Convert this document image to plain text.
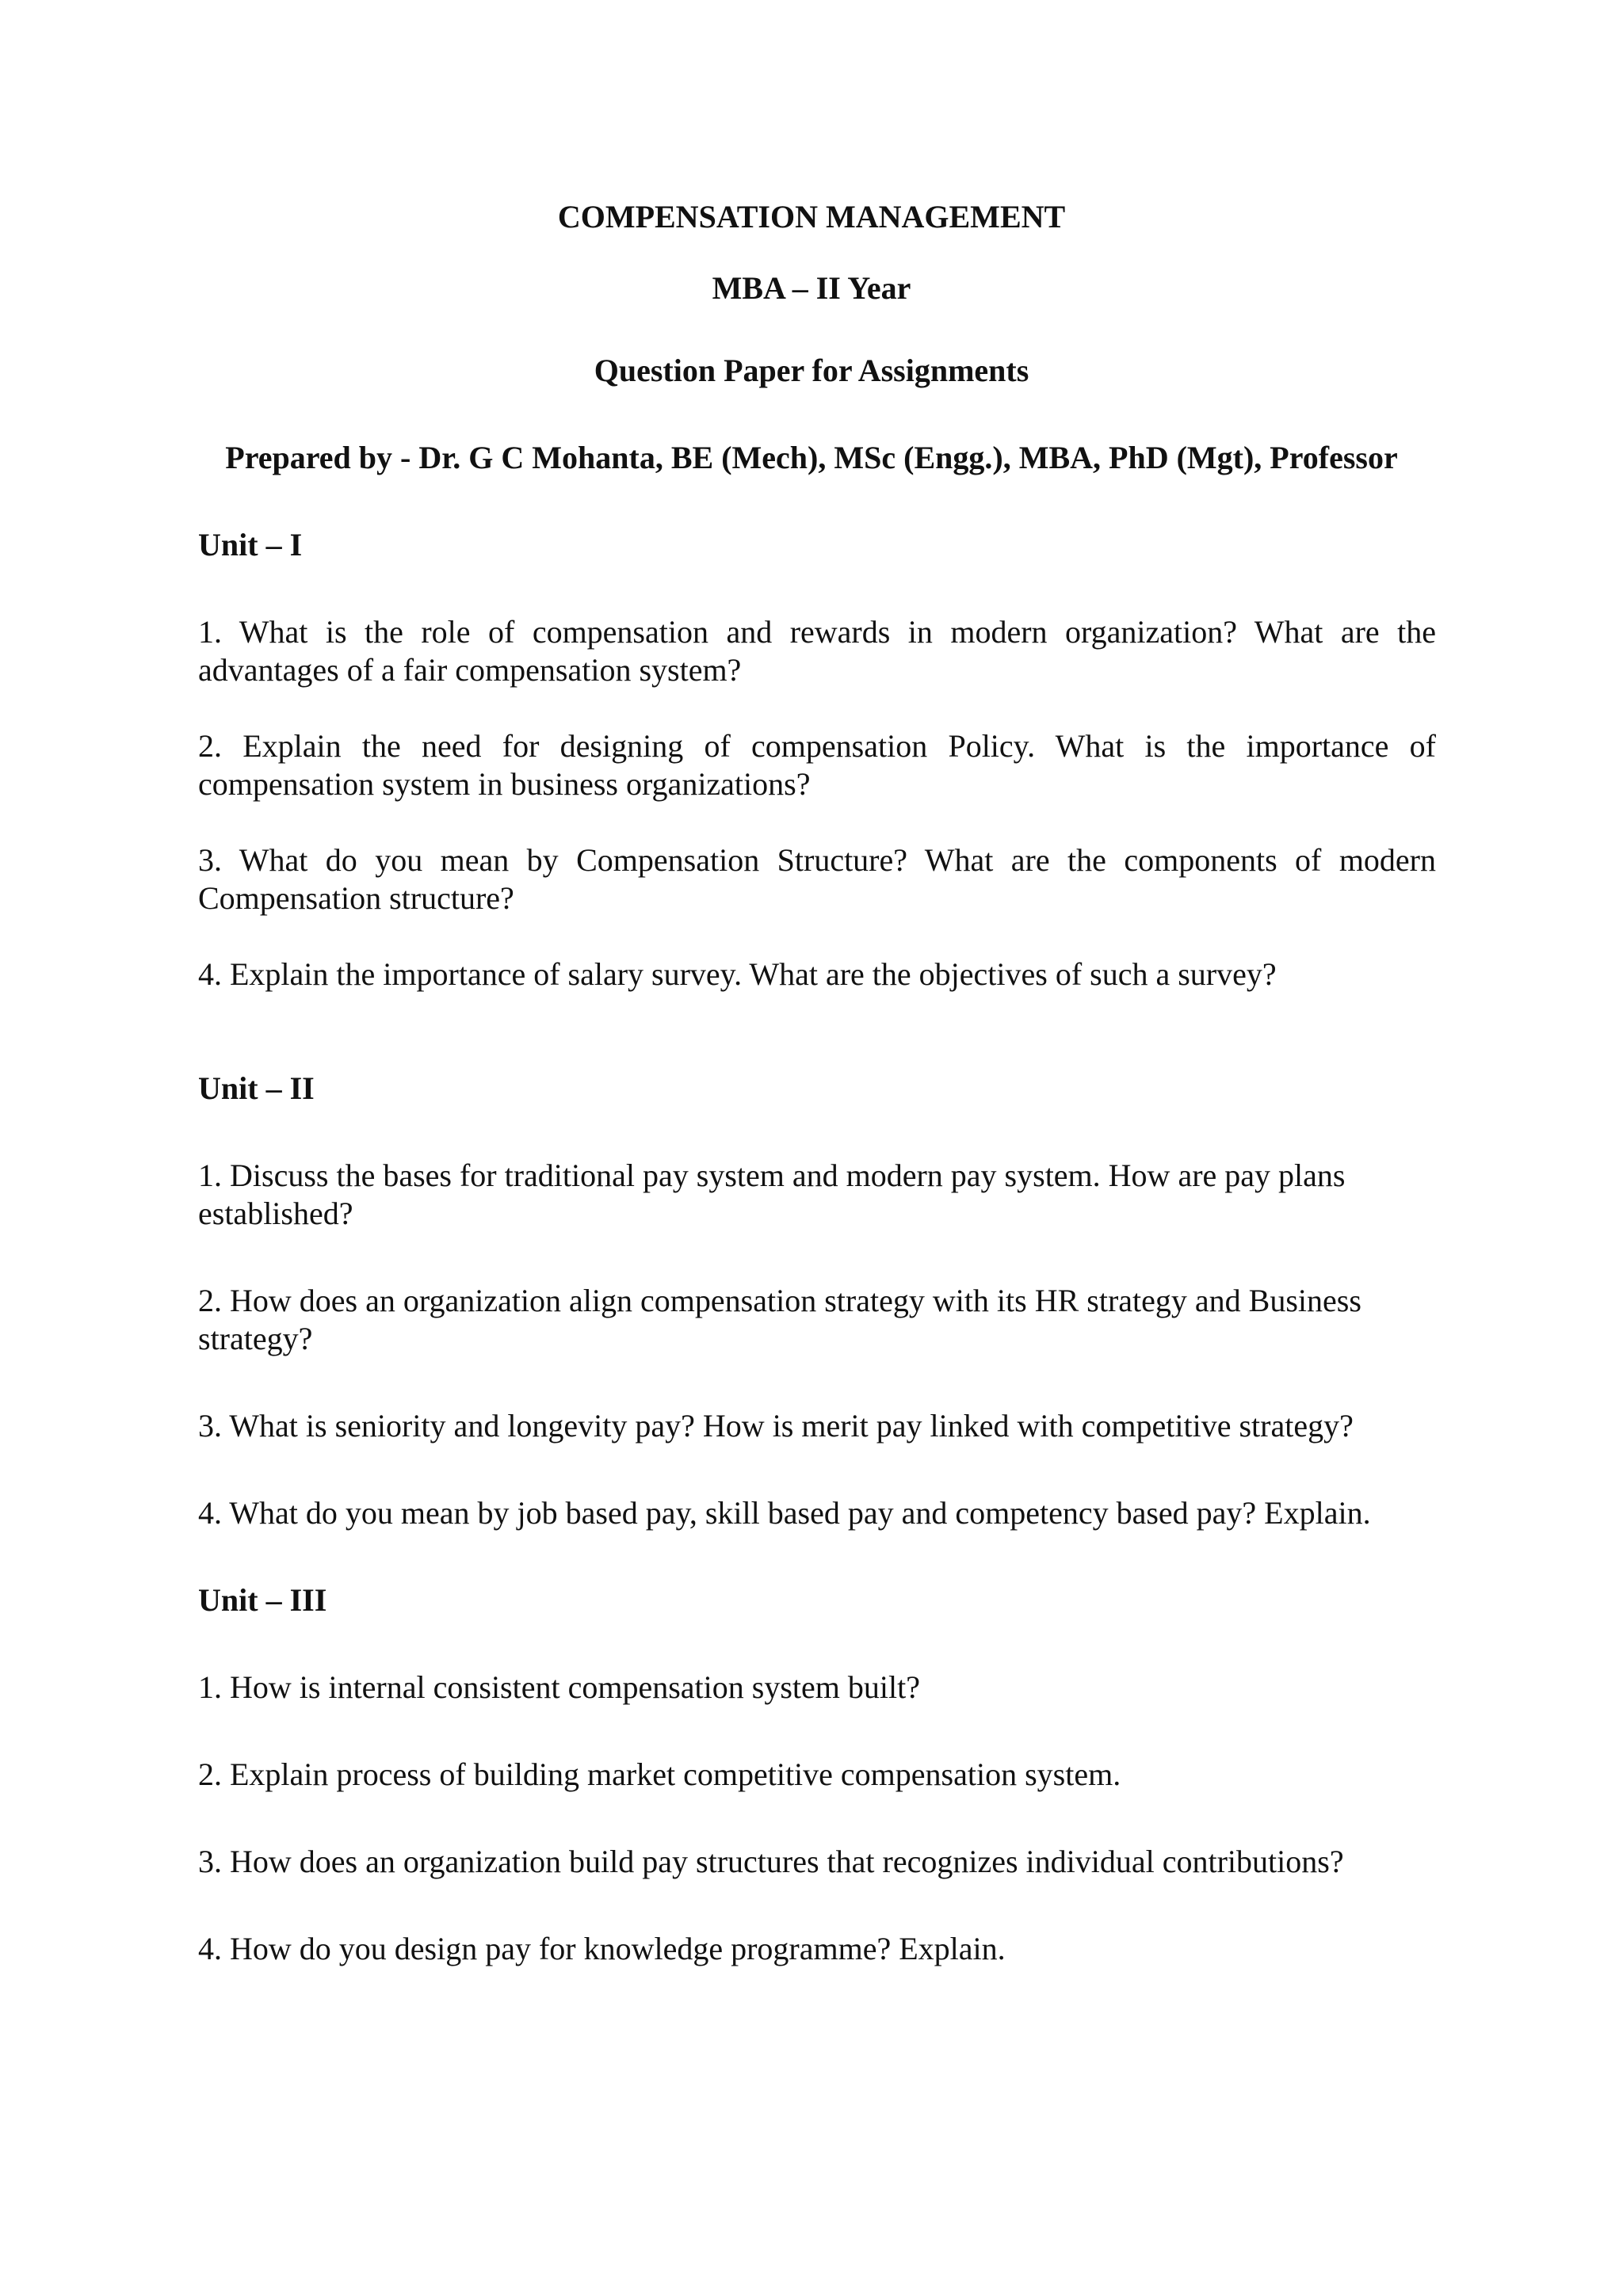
COMPENSATION MANAGEMENT
MBA – II Year
Question Paper for Assignments
Prepared by - Dr. G C Mohanta, BE (Mech), MSc (Engg.), MBA, PhD (Mgt), Professor
Unit – I

1. What is the role of compensation and rewards in modern organization? What are the advantages of a fair compensation system?

2. Explain the need for designing of compensation Policy. What is the importance of compensation system in business organizations?

3. What do you mean by Compensation Structure? What are the components of modern Compensation structure?

4. Explain the importance of salary survey. What are the objectives of such a survey?

Unit – II

1. Discuss the bases for traditional pay system and modern pay system. How are pay plans established?

2. How does an organization align compensation strategy with its HR strategy and Business strategy?

3. What is seniority and longevity pay? How is merit pay linked with competitive strategy?

4. What do you mean by job based pay, skill based pay and competency based pay? Explain.

Unit – III

1. How is internal consistent compensation system built?

2. Explain process of building market competitive compensation system.

3. How does an organization build pay structures that recognizes individual contributions?

4. How do you design pay for knowledge programme? Explain.
